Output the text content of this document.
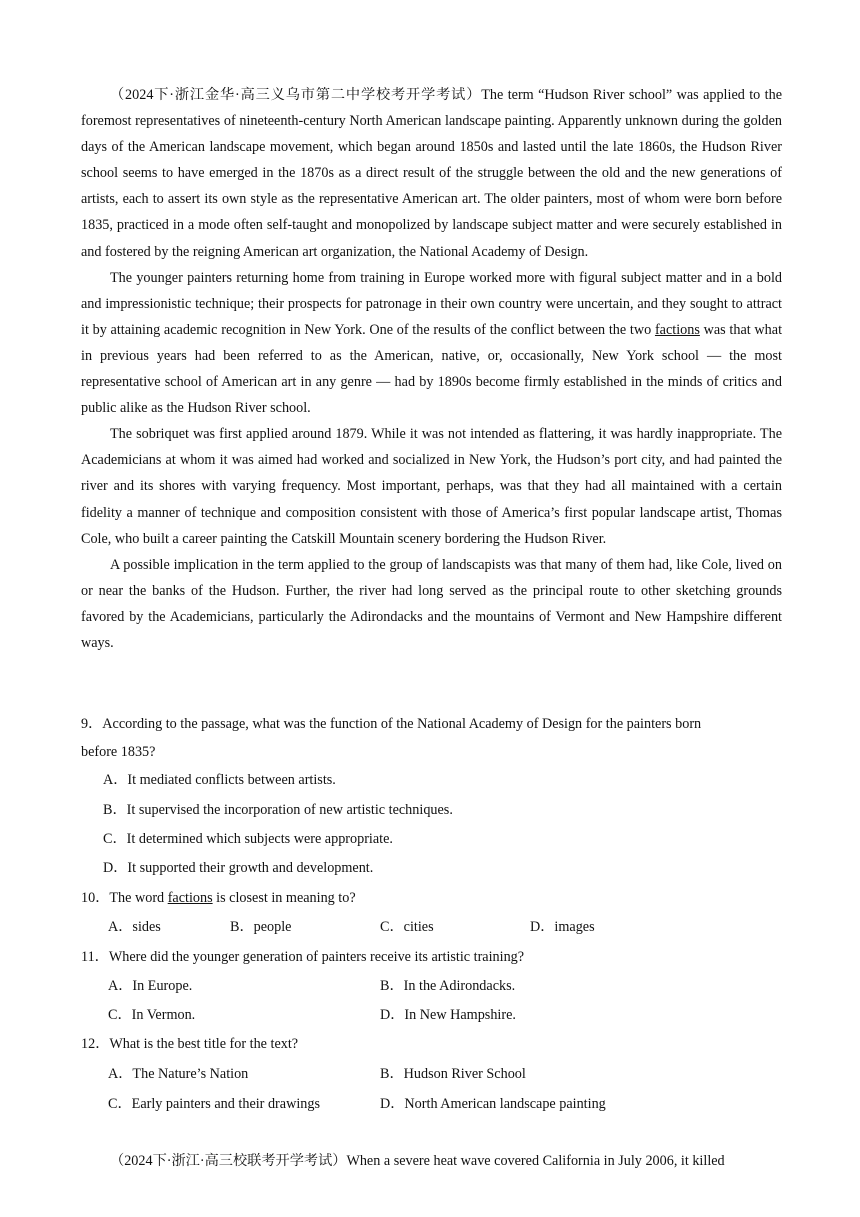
（2024下·浙江金华·高三义乌市第二中学校考开学考试）The term “Hudson River school” was applied to the foremost representatives of nineteenth-century North American landscape painting. Apparently unknown during the golden days of the American landscape movement, which began around 1850s and lasted until the late 1860s, the Hudson River school seems to have emerged in the 1870s as a direct result of the struggle between the old and the new generations of artists, each to assert its own style as the representative American art. The older painters, most of whom were born before 1835, practiced in a mode often self-taught and monopolized by landscape subject matter and were securely established in and fostered by the reigning American art organization, the National Academy of Design.

The younger painters returning home from training in Europe worked more with figural subject matter and in a bold and impressionistic technique; their prospects for patronage in their own country were uncertain, and they sought to attract it by attaining academic recognition in New York. One of the results of the conflict between the two factions was that what in previous years had been referred to as the American, native, or, occasionally, New York school — the most representative school of American art in any genre — had by 1890s become firmly established in the minds of critics and public alike as the Hudson River school.

The sobriquet was first applied around 1879. While it was not intended as flattering, it was hardly inappropriate. The Academicians at whom it was aimed had worked and socialized in New York, the Hudson’s port city, and had painted the river and its shores with varying frequency. Most important, perhaps, was that they had all maintained with a certain fidelity a manner of technique and composition consistent with those of America’s first popular landscape artist, Thomas Cole, who built a career painting the Catskill Mountain scenery bordering the Hudson River.

A possible implication in the term applied to the group of landscapists was that many of them had, like Cole, lived on or near the banks of the Hudson. Further, the river had long served as the principal route to other sketching grounds favored by the Academicians, particularly the Adirondacks and the mountains of Vermont and New Hampshire different ways.

9．According to the passage, what was the function of the National Academy of Design for the painters born
before 1835?
A．It mediated conflicts between artists.
B．It supervised the incorporation of new artistic techniques.
C．It determined which subjects were appropriate.
D．It supported their growth and development.
10．The word factions is closest in meaning to?
A．sides	B．people	C．cities	D．images
11．Where did the younger generation of painters receive its artistic training?
A．In Europe.	B．In the Adirondacks.
C．In Vermon.	D．In New Hampshire.
12．What is the best title for the text?
A．The Nature’s Nation	B．Hudson River School
C．Early painters and their drawings	D．North American landscape painting
（2024下·浙江·高三校联考开学考试）When a severe heat wave covered California in July 2006, it killed
